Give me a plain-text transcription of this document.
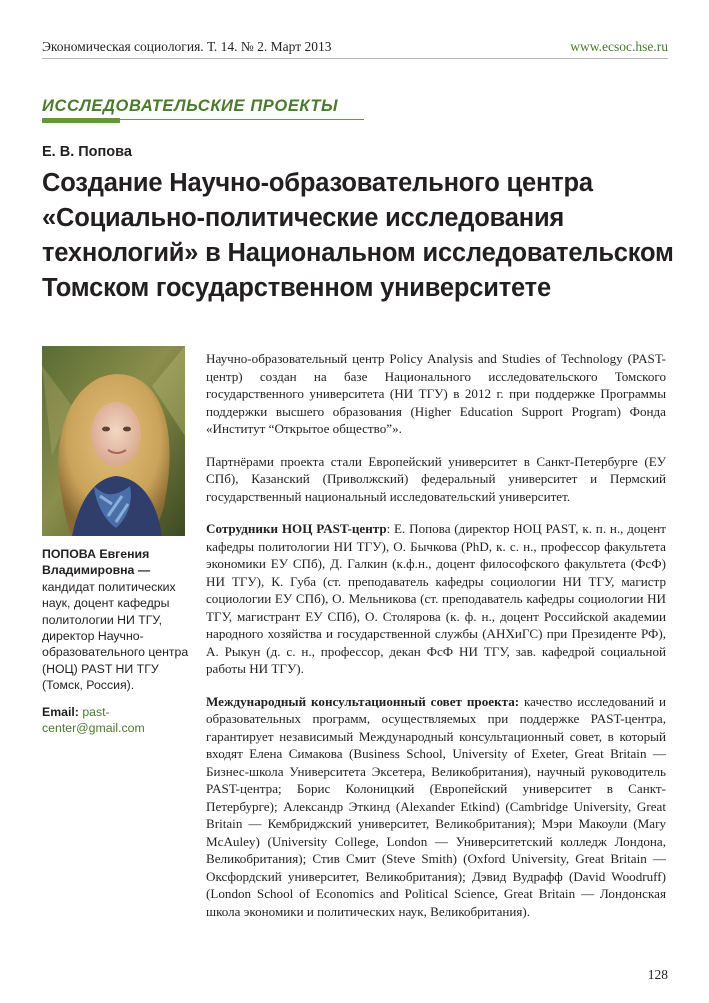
Экономическая социология. Т. 14. № 2. Март 2013	www.ecsoc.hse.ru
ИССЛЕДОВАТЕЛЬСКИЕ ПРОЕКТЫ
Е. В. Попова
Создание Научно-образовательного центра «Социально-политические исследования технологий» в Национальном исследовательском Томском государственном университете
ПОПОВА Евгения Владимировна —
кандидат политических наук, доцент кафедры политологии НИ ТГУ, директор Научно-образовательного центра (НОЦ) PAST НИ ТГУ (Томск, Россия).
Email: past-center@gmail.com

Научно-образовательный центр Policy Analysis and Studies of Technology (PAST-центр) создан на базе Национального исследовательского Томского государственного университета (НИ ТГУ) в 2012 г. при поддержке Программы поддержки высшего образования (Higher Education Support Program) Фонда «Институт “Открытое общество”».

Партнёрами проекта стали Европейский университет в Санкт-Петербурге (ЕУ СПб), Казанский (Приволжский) федеральный университет и Пермский государственный национальный исследовательский университет.

Сотрудники НОЦ PAST-центр: Е. Попова (директор НОЦ PAST, к. п. н., доцент кафедры политологии НИ ТГУ), О. Бычкова (PhD, к. с. н., профессор факультета экономики ЕУ СПб), Д. Галкин (к.ф.н., доцент философского факультета (ФсФ) НИ ТГУ), К. Губа (ст. преподаватель кафедры социологии НИ ТГУ, магистр социологии ЕУ СПб), О. Мельникова (ст. преподаватель кафедры социологии НИ ТГУ, магистрант ЕУ СПб), О. Столярова (к. ф. н., доцент Российской академии народного хозяйства и государственной службы (АНХиГС) при Президенте РФ), А. Рыкун (д. с. н., профессор, декан ФсФ НИ ТГУ, зав. кафедрой социальной работы НИ ТГУ).

Международный консультационный совет проекта: качество исследований и образовательных программ, осуществляемых при поддержке PAST-центра, гарантирует независимый Международный консультационный совет, в который входят Елена Симакова (Business School, University of Exeter, Great Britain — Бизнес-школа Университета Эксетера, Великобритания), научный руководитель PAST-центра; Борис Колоницкий (Европейский университет в Санкт-Петербурге); Александр Эткинд (Alexander Etkind) (Cambridge University, Great Britain — Кембриджский университет, Великобритания); Мэри Макоули (Mary McAuley) (University College, London — Университетский колледж Лондона, Великобритания); Стив Смит (Steve Smith) (Oxford University, Great Britain — Оксфордский университет, Великобритания); Дэвид Вудрафф (David Woodruff) (London School of Economics and Political Science, Great Britain — Лондонская школа экономики и политических наук, Великобритания).

128
